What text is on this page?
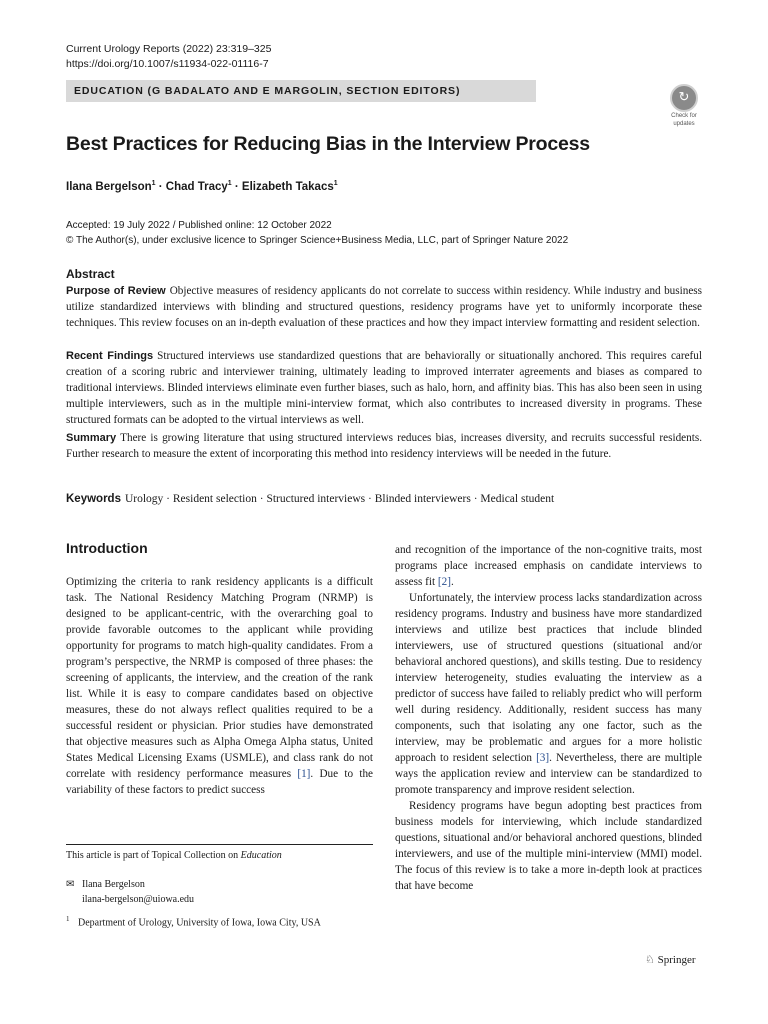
Current Urology Reports (2022) 23:319–325
https://doi.org/10.1007/s11934-022-01116-7
EDUCATION (G BADALATO AND E MARGOLIN, SECTION EDITORS)	↻
Check for
updates
Best Practices for Reducing Bias in the Interview Process
Ilana Bergelson$^1$ · Chad Tracy$^1$ · Elizabeth Takacs$^1$
Accepted: 19 July 2022 / Published online: 12 October 2022
© The Author(s), under exclusive licence to Springer Science+Business Media, LLC, part of Springer Nature 2022
Abstract
Purpose of Review Objective measures of residency applicants do not correlate to success within residency. While industry and business utilize standardized interviews with blinding and structured questions, residency programs have yet to uniformly incorporate these techniques. This review focuses on an in-depth evaluation of these practices and how they impact interview formatting and resident selection.
Recent Findings Structured interviews use standardized questions that are behaviorally or situationally anchored. This requires careful creation of a scoring rubric and interviewer training, ultimately leading to improved interrater agreements and biases as compared to traditional interviews. Blinded interviews eliminate even further biases, such as halo, horn, and affinity bias. This has also been seen in using multiple interviewers, such as in the multiple mini-interview format, which also contributes to increased diversity in programs. These structured formats can be adopted to the virtual interviews as well.
Summary There is growing literature that using structured interviews reduces bias, increases diversity, and recruits successful residents. Further research to measure the extent of incorporating this method into residency interviews will be needed in the future.
Keywords Urology · Resident selection · Structured interviews · Blinded interviewers · Medical student
Introduction

Optimizing the criteria to rank residency applicants is a difficult task. The National Residency Matching Program (NRMP) is designed to be applicant-centric, with the overarching goal to provide favorable outcomes to the applicant while providing opportunity for programs to match high-quality candidates. From a program’s perspective, the NRMP is composed of three phases: the screening of applicants, the interview, and the creation of the rank list. While it is easy to compare candidates based on objective measures, these do not always reflect qualities required to be a successful resident or physician. Prior studies have demonstrated that objective measures such as Alpha Omega Alpha status, United States Medical Licensing Exams (USMLE), and class rank do not correlate with residency performance measures [1]. Due to the variability of these factors to predict success

and recognition of the importance of the non-cognitive traits, most programs place increased emphasis on candidate interviews to assess fit [2].

Unfortunately, the interview process lacks standardization across residency programs. Industry and business have more standardized interviews and utilize best practices that include blinded interviewers, use of structured questions (situational and/or behavioral anchored questions), and skills testing. Due to residency interview heterogeneity, studies evaluating the interview as a predictor of success have failed to reliably predict who will perform well during residency. Additionally, resident success has many components, such that isolating any one factor, such as the interview, may be problematic and argues for a more holistic approach to resident selection [3]. Nevertheless, there are multiple ways the application review and interview can be standardized to promote transparency and improve resident selection.

Residency programs have begun adopting best practices from business models for interviewing, which include standardized questions, situational and/or behavioral anchored questions, blinded interviewers, and use of the multiple mini-interview (MMI) model. The focus of this review is to take a more in-depth look at practices that have become

This article is part of Topical Collection on Education
✉ Ilana Bergelson
ilana-bergelson@uiowa.edu
$^1$ Department of Urology, University of Iowa, Iowa City, USA
♘ Springer
